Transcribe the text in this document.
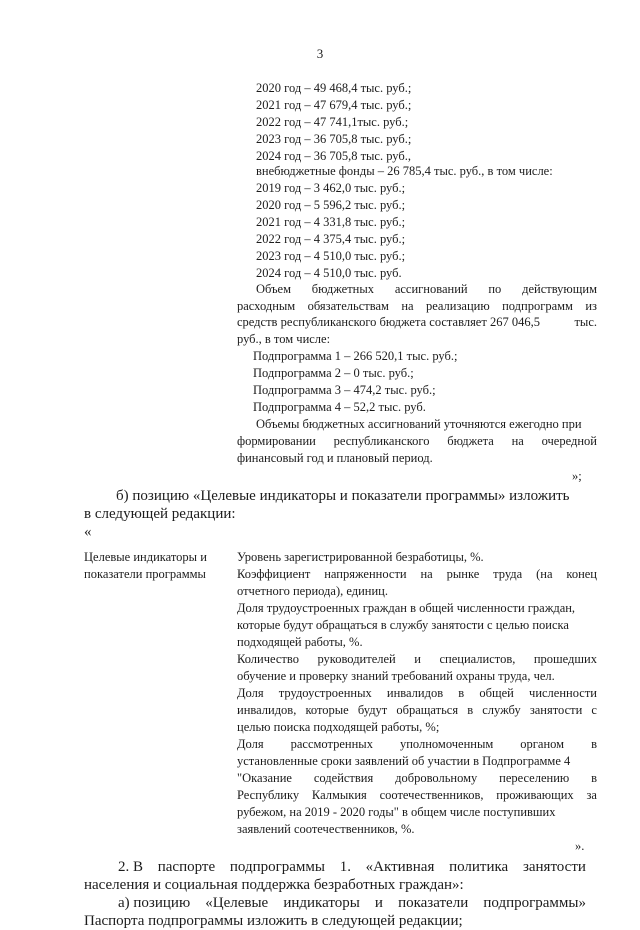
3
2020 год – 49 468,4 тыс. руб.;
2021 год – 47 679,4 тыс. руб.;
2022 год – 47 741,1тыс. руб.;
2023 год – 36 705,8 тыс. руб.;
2024 год – 36 705,8 тыс. руб.,
внебюджетные фонды – 26 785,4 тыс. руб., в том числе:
2019 год – 3 462,0 тыс. руб.;
2020 год – 5 596,2 тыс. руб.;
2021 год – 4 331,8 тыс. руб.;
2022 год – 4 375,4 тыс. руб.;
2023 год – 4 510,0 тыс. руб.;
2024 год – 4 510,0 тыс. руб.
Объем бюджетных ассигнований по действующим
расходным обязательствам на реализацию подпрограмм из
средств республиканского бюджета составляет 267 046,5	тыс.
руб., в том числе:
Подпрограмма 1 – 266 520,1 тыс. руб.;
Подпрограмма 2 – 0 тыс. руб.;
Подпрограмма 3 – 474,2 тыс. руб.;
Подпрограмма 4 – 52,2 тыс. руб.
Объемы бюджетных ассигнований уточняются ежегодно при
формировании республиканского бюджета на очередной
финансовый год и плановый период.
»;
б) позицию «Целевые индикаторы и показатели программы» изложить
в следующей редакции:
«
Целевые индикаторы и
показатели программы
Уровень зарегистрированной безработицы, %.
Коэффициент напряженности на рынке труда (на конец
отчетного периода), единиц.
Доля трудоустроенных граждан в общей численности граждан,
которые будут обращаться в службу занятости с целью поиска
подходящей работы, %.
Количество руководителей и специалистов, прошедших
обучение и проверку знаний требований охраны труда, чел.
Доля трудоустроенных инвалидов в общей численности
инвалидов, которые будут обращаться в службу занятости с
целью поиска подходящей работы, %;
Доля рассмотренных уполномоченным органом в
установленные сроки заявлений об участии в Подпрограмме 4
"Оказание содействия добровольному переселению в
Республику Калмыкия соотечественников, проживающих за
рубежом, на 2019 - 2020 годы" в общем числе поступивших
заявлений соотечественников, %.
».
2. В паспорте подпрограммы 1. «Активная политика занятости
населения и социальная поддержка безработных граждан»:
а) позицию «Целевые индикаторы и показатели подпрограммы»
Паспорта подпрограммы изложить в следующей редакции;
